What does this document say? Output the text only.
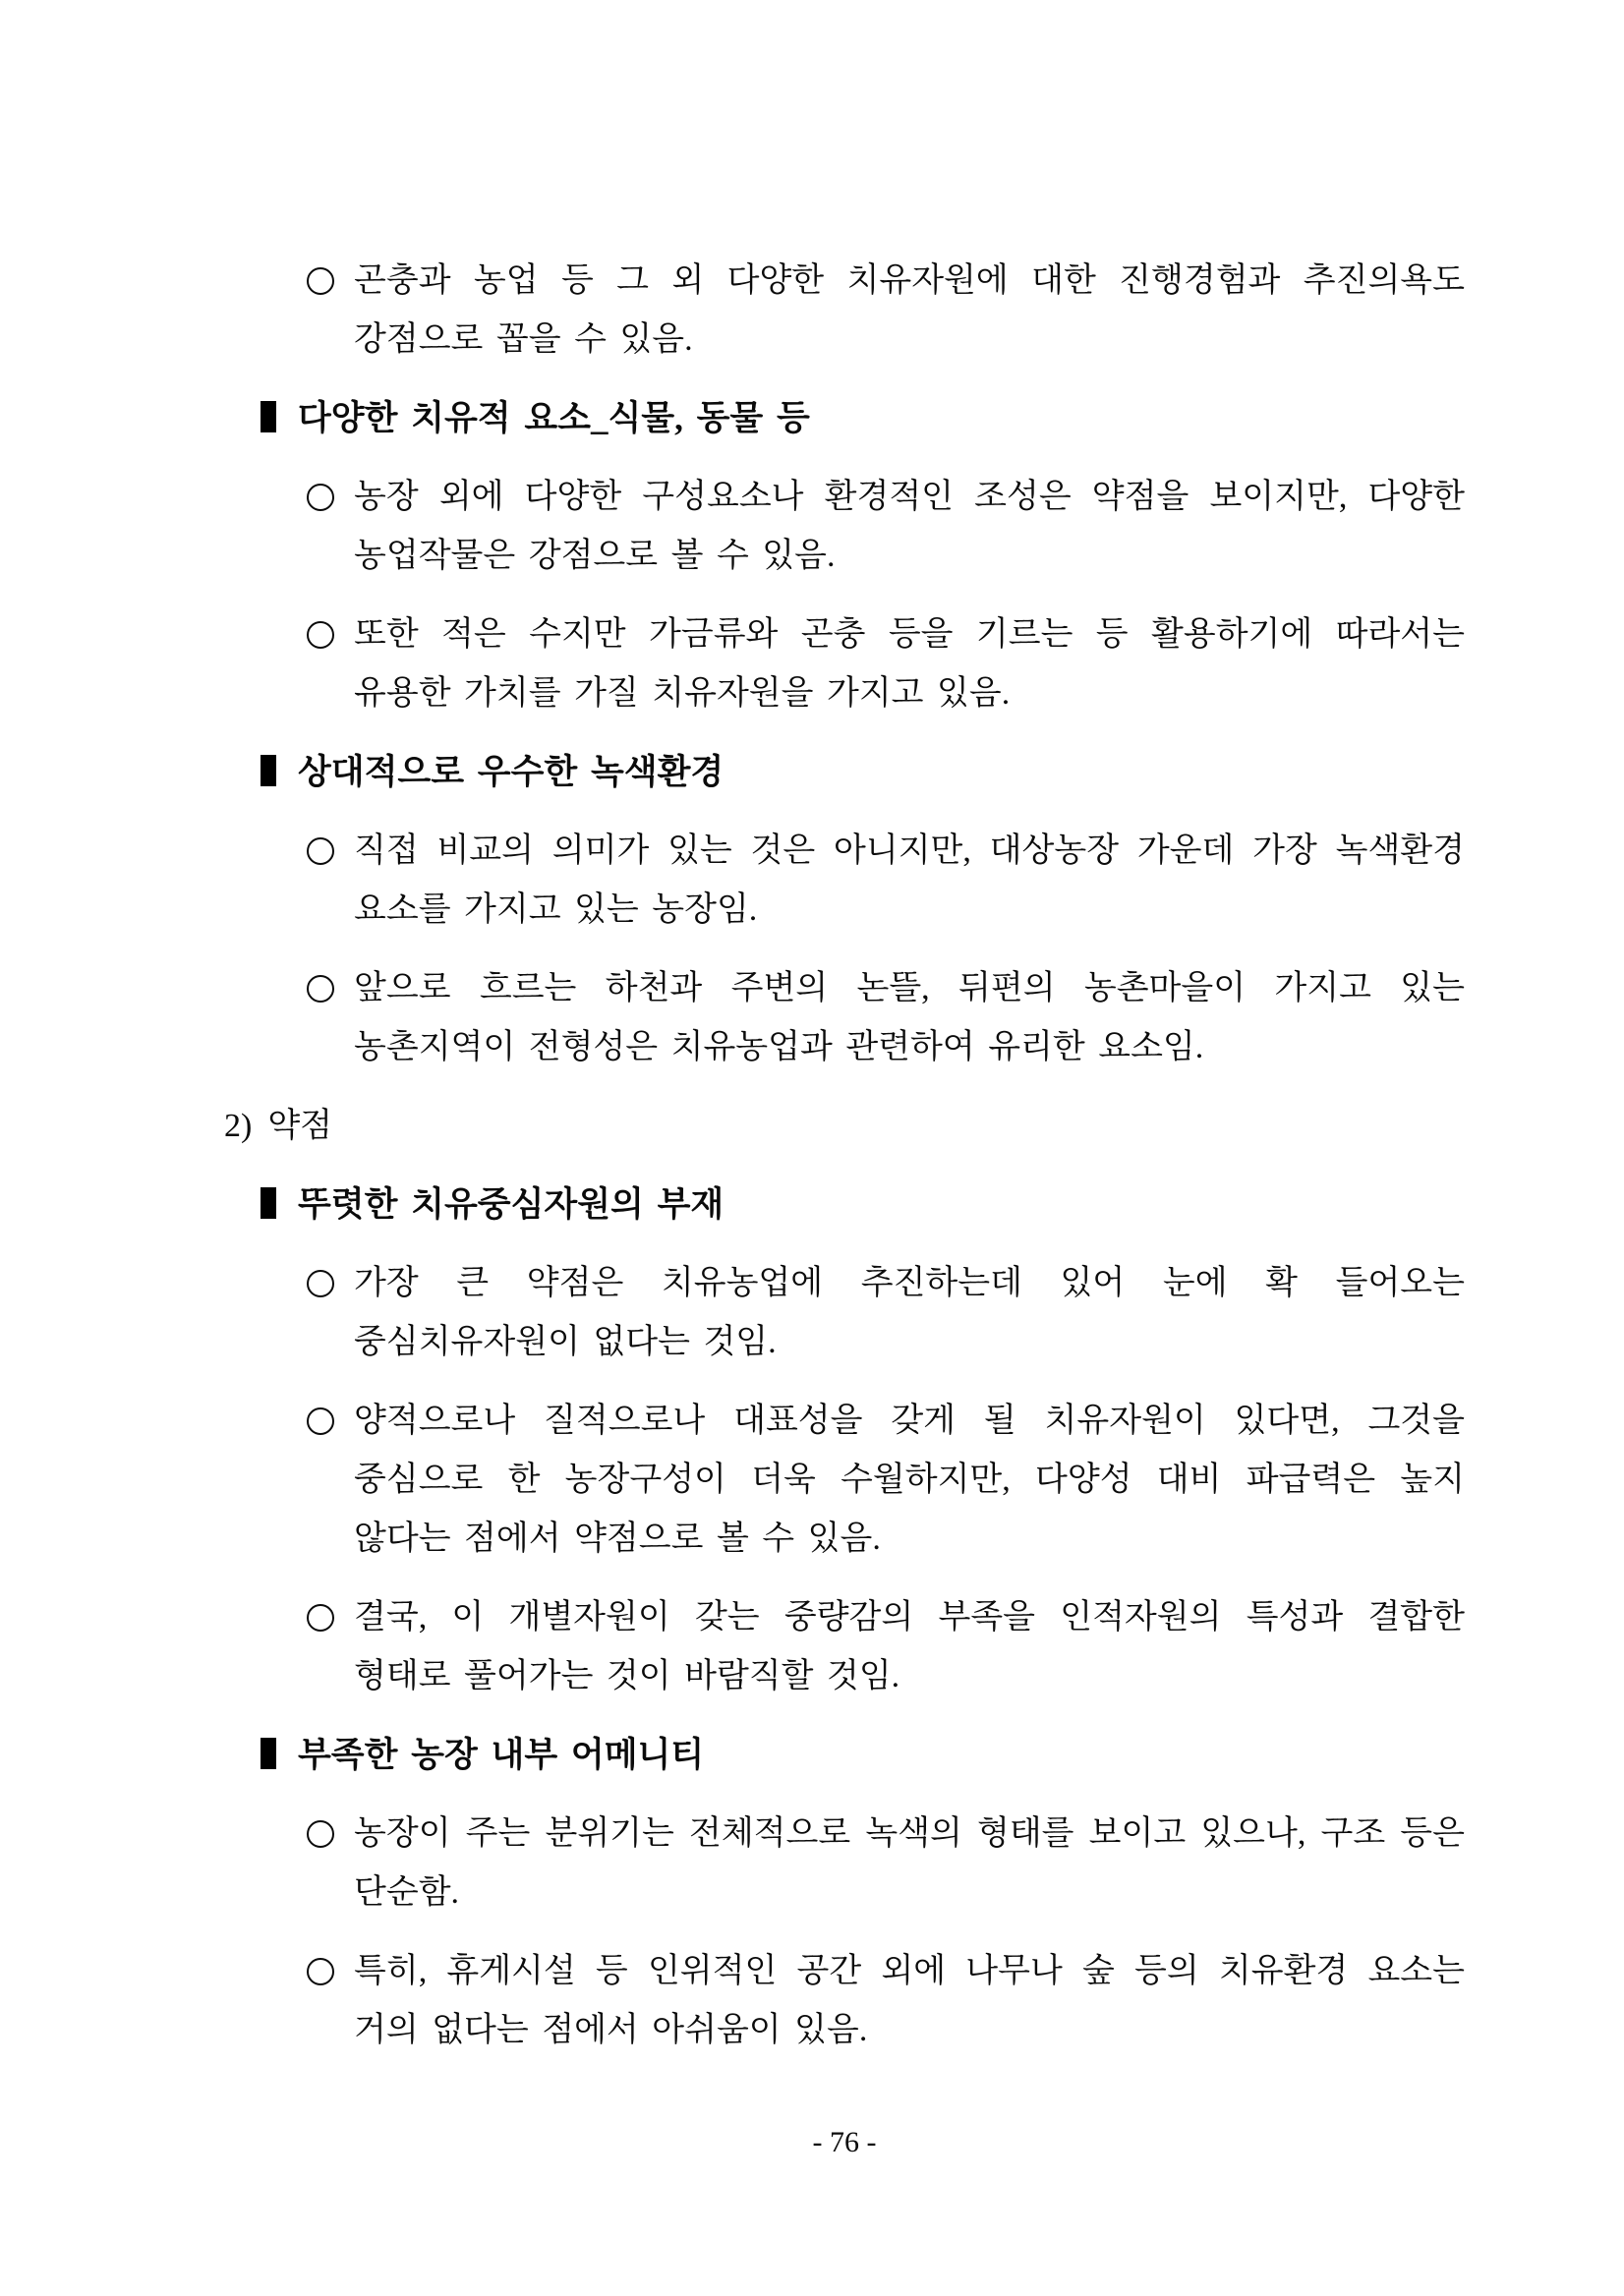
곤충과 농업 등 그 외 다양한 치유자원에 대한 진행경험과 추진의욕도 강점으로 꼽을 수 있음.
다양한 치유적 요소_식물, 동물 등
농장 외에 다양한 구성요소나 환경적인 조성은 약점을 보이지만, 다양한 농업작물은 강점으로 볼 수 있음.
또한 적은 수지만 가금류와 곤충 등을 기르는 등 활용하기에 따라서는 유용한 가치를 가질 치유자원을 가지고 있음.
상대적으로 우수한 녹색환경
직접 비교의 의미가 있는 것은 아니지만, 대상농장 가운데 가장 녹색환경 요소를 가지고 있는 농장임.
앞으로 흐르는 하천과 주변의 논뜰, 뒤편의 농촌마을이 가지고 있는 농촌지역이 전형성은 치유농업과 관련하여 유리한 요소임.
2) 약점
뚜렷한 치유중심자원의 부재
가장 큰 약점은 치유농업에 추진하는데 있어 눈에 확 들어오는 중심치유자원이 없다는 것임.
양적으로나 질적으로나 대표성을 갖게 될 치유자원이 있다면, 그것을 중심으로 한 농장구성이 더욱 수월하지만, 다양성 대비 파급력은 높지 않다는 점에서 약점으로 볼 수 있음.
결국, 이 개별자원이 갖는 중량감의 부족을 인적자원의 특성과 결합한 형태로 풀어가는 것이 바람직할 것임.
부족한 농장 내부 어메니티
농장이 주는 분위기는 전체적으로 녹색의 형태를 보이고 있으나, 구조 등은 단순함.
특히, 휴게시설 등 인위적인 공간 외에 나무나 숲 등의 치유환경 요소는 거의 없다는 점에서 아쉬움이 있음.
- 76 -
